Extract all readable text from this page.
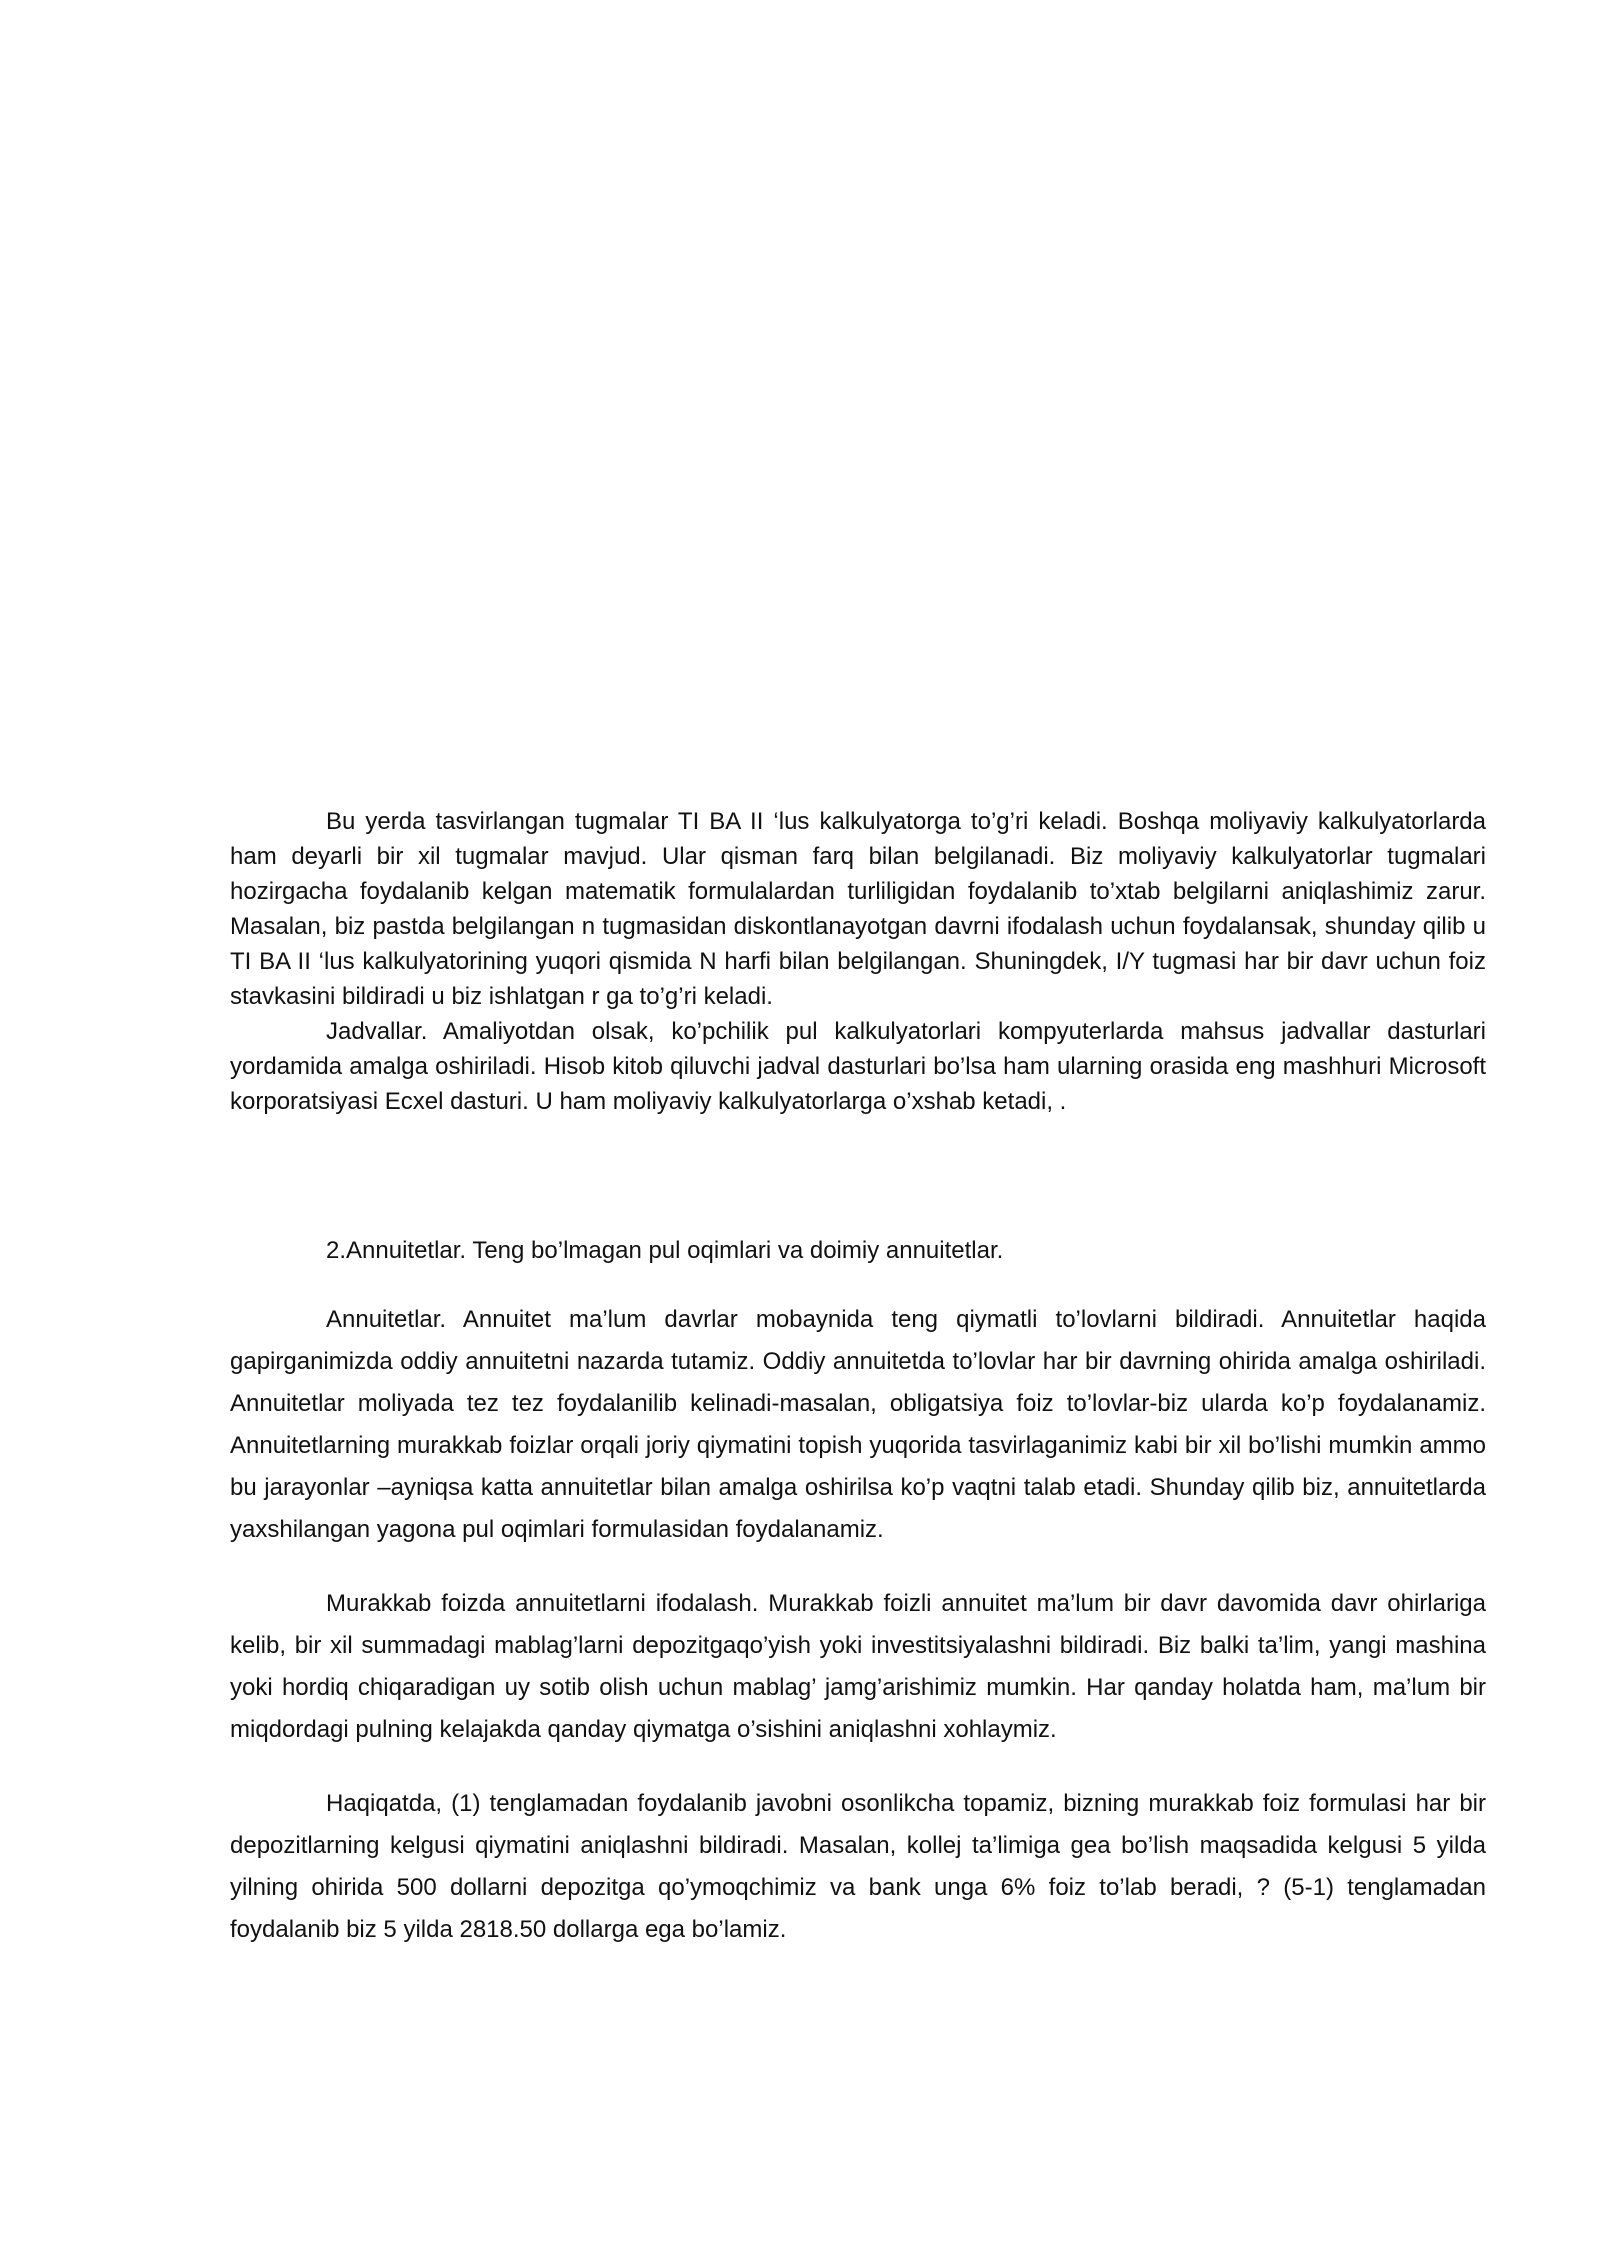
Bu yerda tasvirlangan tugmalar TI BA II ‘lus kalkulyatorga to’g’ri keladi. Boshqa moliyaviy kalkulyatorlarda ham deyarli bir xil tugmalar mavjud. Ular qisman farq bilan belgilanadi. Biz moliyaviy kalkulyatorlar tugmalari hozirgacha foydalanib kelgan matematik formulalardan turliligidan foydalanib to’xtab belgilarni aniqlashimiz zarur. Masalan, biz pastda belgilangan n tugmasidan diskontlanayotgan davrni ifodalash uchun foydalansak, shunday qilib u TI BA II ‘lus kalkulyatorining yuqori qismida N harfi bilan belgilangan. Shuningdek, I/Y tugmasi har bir davr uchun foiz stavkasini bildiradi u biz ishlatgan r ga to’g’ri keladi.

Jadvallar. Amaliyotdan olsak, ko’pchilik pul kalkulyatorlari kompyuterlarda mahsus jadvallar dasturlari yordamida amalga oshiriladi. Hisob kitob qiluvchi jadval dasturlari bo’lsa ham ularning orasida eng mashhuri Microsoft korporatsiyasi Ecxel dasturi. U ham moliyaviy kalkulyatorlarga o’xshab ketadi, .

2.Annuitetlar. Teng bo’lmagan pul oqimlari va doimiy annuitetlar.

Annuitetlar. Annuitet ma’lum davrlar mobaynida teng qiymatli to’lovlarni bildiradi. Annuitetlar haqida gapirganimizda oddiy annuitetni nazarda tutamiz. Oddiy annuitetda to’lovlar har bir davrning ohirida amalga oshiriladi. Annuitetlar moliyada tez tez foydalanilib kelinadi-masalan, obligatsiya foiz to’lovlar-biz ularda ko’p foydalanamiz. Annuitetlarning murakkab foizlar orqali joriy qiymatini topish yuqorida tasvirlaganimiz kabi bir xil bo’lishi mumkin ammo bu jarayonlar –ayniqsa katta annuitetlar bilan amalga oshirilsa ko’p vaqtni talab etadi. Shunday qilib biz, annuitetlarda yaxshilangan yagona pul oqimlari formulasidan foydalanamiz.

Murakkab foizda annuitetlarni ifodalash. Murakkab foizli annuitet ma’lum bir davr davomida davr ohirlariga kelib, bir xil summadagi mablag’larni depozitgaqo’yish yoki investitsiyalashni bildiradi. Biz balki ta’lim, yangi mashina yoki hordiq chiqaradigan uy sotib olish uchun mablag’ jamg’arishimiz mumkin. Har qanday holatda ham, ma’lum bir miqdordagi pulning kelajakda qanday qiymatga o’sishini aniqlashni xohlaymiz.

Haqiqatda, (1) tenglamadan foydalanib javobni osonlikcha topamiz, bizning murakkab foiz formulasi har bir depozitlarning kelgusi qiymatini aniqlashni bildiradi. Masalan, kollej ta’limiga gea bo’lish maqsadida kelgusi 5 yilda yilning ohirida 500 dollarni depozitga qo’ymoqchimiz va bank unga 6% foiz to’lab beradi, ? (5-1) tenglamadan foydalanib biz 5 yilda 2818.50 dollarga ega bo’lamiz.
